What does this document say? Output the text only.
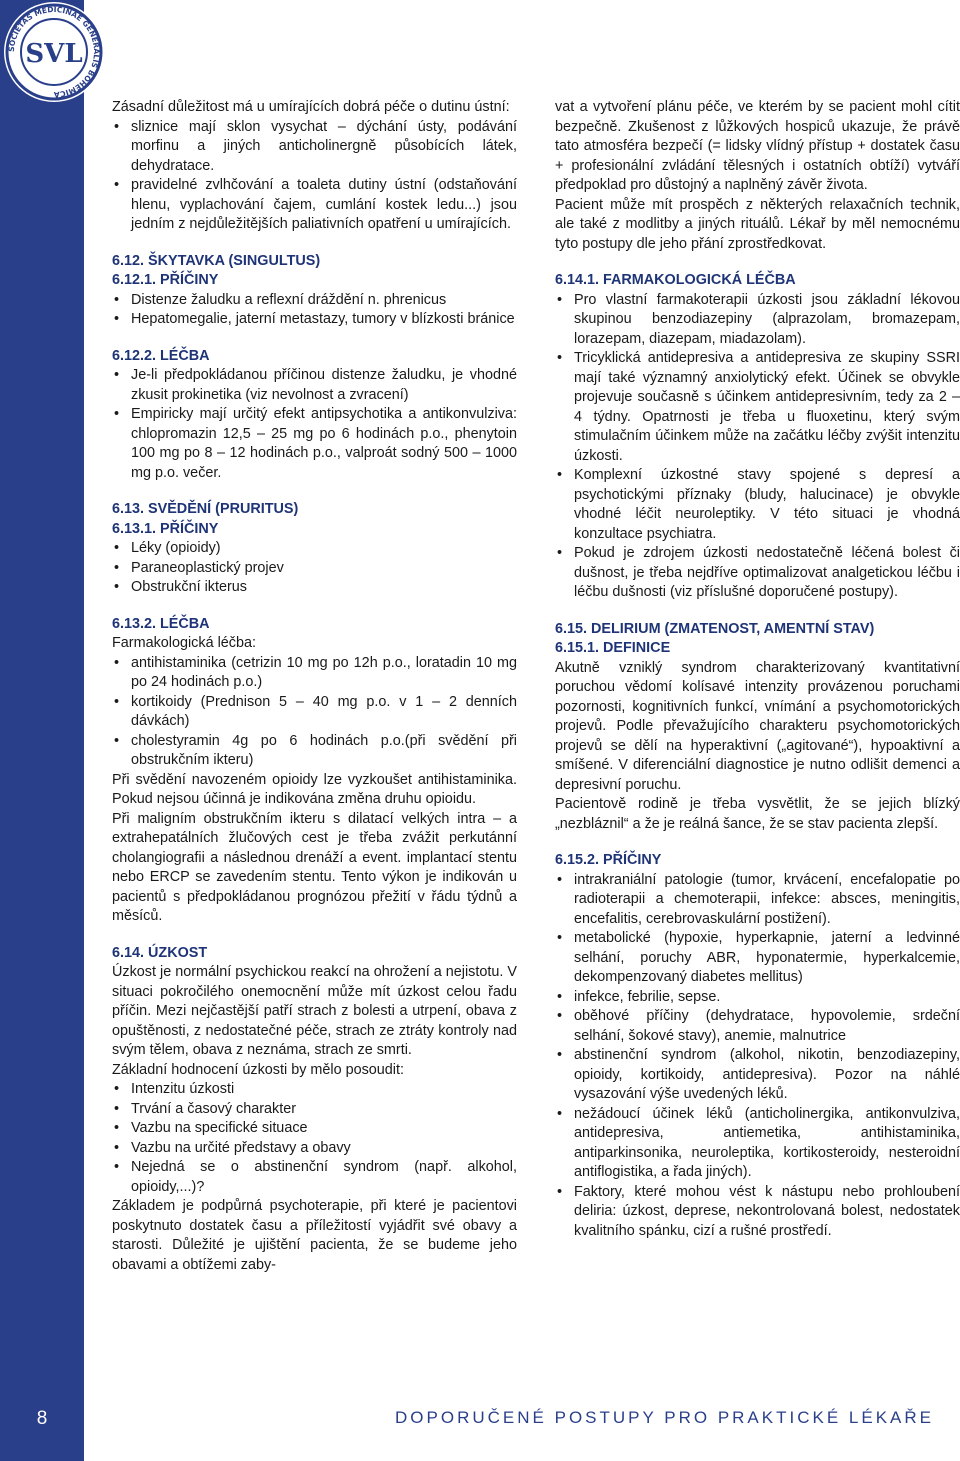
SOCIETAS MEDICINAE GENERALIS BOHEMICA
SVL
8	DOPORUČENÉ POSTUPY PRO PRAKTICKÉ LÉKAŘE

Zásadní důležitost má u umírajících dobrá péče o dutinu ústní:

• sliznice mají sklon vysychat – dýchání ústy, podávání morfinu a jiných anticholinergně působících látek, dehydratace.
• pravidelné zvlhčování a toaleta dutiny ústní (odstaňování hlenu, vyplachování čajem, cumlání kostek ledu...) jsou jedním z nejdůležitějších paliativních opatření u umírajících.
6.12. ŠKYTAVKA (SINGULTUS)
6.12.1. PŘÍČINY
• Distenze žaludku a reflexní dráždění n. phrenicus
• Hepatomegalie, jaterní metastazy, tumory v blízkosti bránice
6.12.2. LÉČBA
• Je-li předpokládanou příčinou distenze žaludku, je vhodné zkusit prokinetika (viz nevolnost a zvracení)
• Empiricky mají určitý efekt antipsychotika a antikonvulziva: chlopromazin 12,5 – 25 mg po 6 hodinách p.o., phenytoin 100 mg po 8 – 12 hodinách p.o., valproát sodný 500 – 1000 mg p.o. večer.
6.13. SVĚDĚNÍ (PRURITUS)
6.13.1. PŘÍČINY
• Léky (opioidy)
• Paraneoplastický projev
• Obstrukční ikterus
6.13.2. LÉČBA

Farmakologická léčba:

• antihistaminika (cetrizin 10 mg po 12h p.o., loratadin 10 mg po 24 hodinách p.o.)
• kortikoidy (Prednison 5 – 40 mg p.o. v 1 – 2 denních dávkách)
• cholestyramin 4g po 6 hodinách p.o.(při svědění při obstrukčním ikteru)

Při svědění navozeném opioidy lze vyzkoušet antihistaminika. Pokud nejsou účinná je indikována změna druhu opioidu.

Při maligním obstrukčním ikteru s dilatací velkých intra – a extrahepatálních žlučových cest je třeba zvážit perkutánní cholangiografii a následnou drenáží a event. implantací stentu nebo ERCP se zavedením stentu. Tento výkon je indikován u pacientů s předpokládanou prognózou přežití v řádu týdnů a měsíců.

6.14. ÚZKOST

Úzkost je normální psychickou reakcí na ohrožení a nejistotu. V situaci pokročilého onemocnění může mít úzkost celou řadu příčin. Mezi nejčastější patří strach z bolesti a utrpení, obava z opuštěnosti, z nedostatečné péče, strach ze ztráty kontroly nad svým tělem, obava z neznáma, strach ze smrti.

Základní hodnocení úzkosti by mělo posoudit:

• Intenzitu úzkosti
• Trvání a časový charakter
• Vazbu na specifické situace
• Vazbu na určité představy a obavy
• Nejedná se o abstinenční syndrom (např. alkohol, opioidy,...)?

Základem je podpůrná psychoterapie, při které je pacientovi poskytnuto dostatek času a příležitostí vyjádřit své obavy a starosti. Důležité je ujištění pacienta, že se budeme jeho obavami a obtížemi zaby-

vat a vytvoření plánu péče, ve kterém by se pacient mohl cítit bezpečně. Zkušenost z lůžkových hospiců ukazuje, že právě tato atmosféra bezpečí (= lidsky vlídný přístup + dostatek času + profesionální zvládání tělesných i ostatních obtíží) vytváří předpoklad pro důstojný a naplněný závěr života.

Pacient může mít prospěch z některých relaxačních technik, ale také z modlitby a jiných rituálů. Lékař by měl nemocnému tyto postupy dle jeho přání zprostředkovat.

6.14.1. FARMAKOLOGICKÁ LÉČBA
• Pro vlastní farmakoterapii úzkosti jsou základní lékovou skupinou benzodiazepiny (alprazolam, bromazepam, lorazepam, diazepam, miadazolam).
• Tricyklická antidepresiva a antidepresiva ze skupiny SSRI mají také významný anxiolytický efekt. Účinek se obvykle projevuje současně s účinkem antidepresivním, tedy za 2 – 4 týdny. Opatrnosti je třeba u fluoxetinu, který svým stimulačním účinkem může na začátku léčby zvýšit intenzitu úzkosti.
• Komplexní úzkostné stavy spojené s depresí a psychotickými příznaky (bludy, halucinace) je obvykle vhodné léčit neuroleptiky. V této situaci je vhodná konzultace psychiatra.
• Pokud je zdrojem úzkosti nedostatečně léčená bolest či dušnost, je třeba nejdříve optimalizovat analgetickou léčbu i léčbu dušnosti (viz příslušné doporučené postupy).
6.15. DELIRIUM (ZMATENOST, AMENTNÍ STAV)
6.15.1. DEFINICE

Akutně vzniklý syndrom charakterizovaný kvantitativní poruchou vědomí kolísavé intenzity provázenou poruchami pozornosti, kognitivních funkcí, vnímání a psychomotorických projevů. Podle převažujícího charakteru psychomotorických projevů se dělí na hyperaktivní („agitované“), hypoaktivní a smíšené. V diferenciální diagnostice je nutno odlišit demenci a depresivní poruchu.

Pacientově rodině je třeba vysvětlit, že se jejich blízký „nezbláznil“ a že je reálná šance, že se stav pacienta zlepší.

6.15.2. PŘÍČINY
• intrakraniální patologie (tumor, krvácení, encefalopatie po radioterapii a chemoterapii, infekce: absces, meningitis, encefalitis, cerebrovaskulární postižení).
• metabolické (hypoxie, hyperkapnie, jaterní a ledvinné selhání, poruchy ABR, hyponatermie, hyperkalcemie, dekompenzovaný diabetes mellitus)
• infekce, febrilie, sepse.
• oběhové příčiny (dehydratace, hypovolemie, srdeční selhání, šokové stavy), anemie, malnutrice
• abstinenční syndrom (alkohol, nikotin, benzodiazepiny, opioidy, kortikoidy, antidepresiva). Pozor na náhlé vysazování výše uvedených léků.
• nežádoucí účinek léků (anticholinergika, antikonvulziva, antidepresiva, antiemetika, antihistaminika, antiparkinsonika, neuroleptika, kortikosteroidy, nesteroidní antiflogistika, a řada jiných).
• Faktory, které mohou vést k nástupu nebo prohloubení deliria: úzkost, deprese, nekontrolovaná bolest, nedostatek kvalitního spánku, cizí a rušné prostředí.
